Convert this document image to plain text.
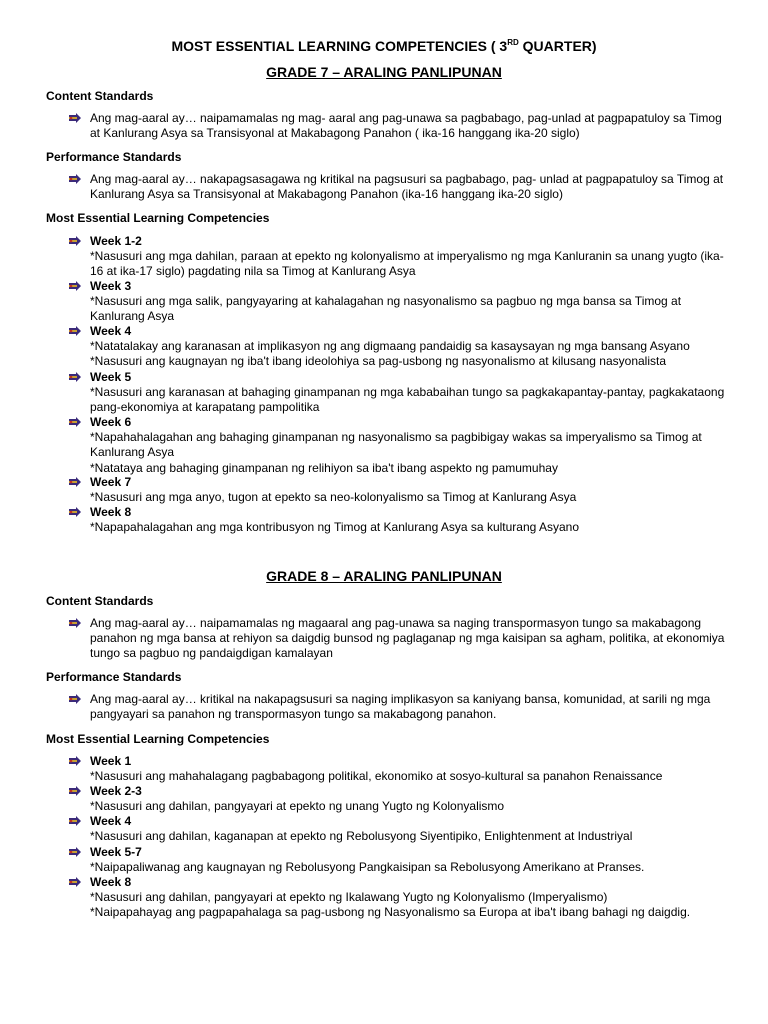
MOST ESSENTIAL LEARNING COMPETENCIES ( 3RD QUARTER)
GRADE 7 – ARALING PANLIPUNAN
Content Standards
Ang mag-aaral ay… naipamamalas ng mag- aaral ang pag-unawa sa pagbabago, pag-unlad at pagpapatuloy sa Timog at Kanlurang Asya sa Transisyonal at Makabagong Panahon ( ika-16 hanggang ika-20 siglo)
Performance Standards
Ang mag-aaral ay… nakapagsasagawa ng kritikal na pagsusuri sa pagbabago, pag- unlad at pagpapatuloy sa Timog at Kanlurang Asya sa Transisyonal at Makabagong Panahon (ika-16 hanggang ika-20 siglo)
Most Essential Learning Competencies
Week 1-2
*Nasusuri ang mga dahilan, paraan at epekto ng kolonyalismo at imperyalismo ng mga Kanluranin sa unang yugto (ika-16 at ika-17 siglo) pagdating nila sa Timog at Kanlurang Asya
Week 3
*Nasusuri ang mga salik, pangyayaring at kahalagahan ng nasyonalismo sa pagbuo ng mga bansa sa Timog at Kanlurang Asya
Week 4
*Natatalakay ang karanasan at implikasyon ng ang digmaang pandaidig sa kasaysayan ng mga bansang Asyano
*Nasusuri ang kaugnayan ng iba't ibang ideolohiya sa pag-usbong ng nasyonalismo at kilusang nasyonalista
Week 5
*Nasusuri ang karanasan at bahaging ginampanan ng mga kababaihan tungo sa pagkakapantay-pantay, pagkakataong pang-ekonomiya at karapatang pampolitika
Week 6
*Napahahalagahan ang bahaging ginampanan ng nasyonalismo sa pagbibigay wakas sa imperyalismo sa Timog at Kanlurang Asya
*Natataya ang bahaging ginampanan ng relihiyon sa iba't ibang aspekto ng pamumuhay
Week 7
*Nasusuri ang mga anyo, tugon at epekto sa neo-kolonyalismo sa Timog at Kanlurang Asya
Week 8
*Napapahalagahan ang mga kontribusyon ng Timog at Kanlurang Asya sa kulturang Asyano
GRADE 8 – ARALING PANLIPUNAN
Content Standards
Ang mag-aaral ay… naipamamalas ng magaaral ang pag-unawa sa naging transpormasyon tungo sa makabagong panahon ng mga bansa at rehiyon sa daigdig bunsod ng paglaganap ng mga kaisipan sa agham, politika, at ekonomiya tungo sa pagbuo ng pandaigdigan kamalayan
Performance Standards
Ang mag-aaral ay… kritikal na nakapagsusuri sa naging implikasyon sa kaniyang bansa, komunidad, at sarili ng mga pangyayari sa panahon ng transpormasyon tungo sa makabagong panahon.
Most Essential Learning Competencies
Week 1
*Nasusuri ang mahahalagang pagbabagong politikal, ekonomiko at sosyo-kultural sa panahon Renaissance
Week 2-3
*Nasusuri ang dahilan, pangyayari at epekto ng unang Yugto ng Kolonyalismo
Week 4
*Nasusuri ang dahilan, kaganapan at epekto ng Rebolusyong Siyentipiko, Enlightenment at Industriyal
Week 5-7
*Naipapaliwanag ang kaugnayan ng Rebolusyong Pangkaisipan sa Rebolusyong Amerikano at Pranses.
Week 8
*Nasusuri ang dahilan, pangyayari at epekto ng Ikalawang Yugto ng Kolonyalismo (Imperyalismo)
*Naipapahayag ang pagpapahalaga sa pag-usbong ng Nasyonalismo sa Europa at iba't ibang bahagi ng daigdig.
